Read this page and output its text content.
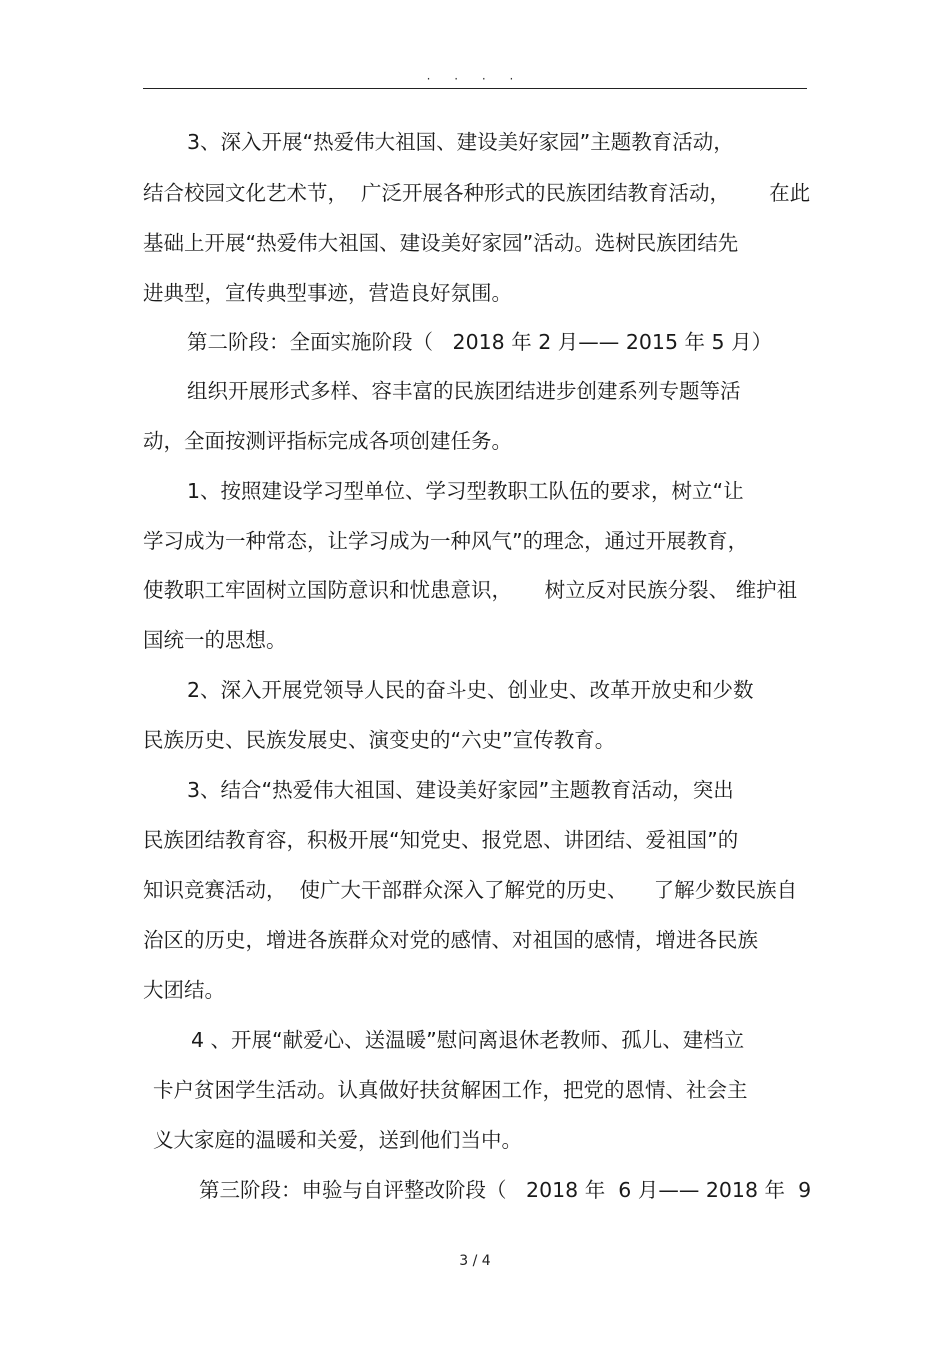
· · · ·
3、深入开展“热爱伟大祖国、建设美好家园”主题教育活动，
结合校园文化艺术节，  广泛开展各种形式的民族团结教育活动，      在此
基础上开展“热爱伟大祖国、建设美好家园”活动。选树民族团结先
进典型，宣传典型事迹，营造良好氛围。
第二阶段：全面实施阶段（   2018 年 2 月—— 2015 年 5 月）
组织开展形式多样、容丰富的民族团结进步创建系列专题等活
动，全面按测评指标完成各项创建任务。
1、按照建设学习型单位、学习型教职工队伍的要求，树立“让
学习成为一种常态，让学习成为一种风气”的理念，通过开展教育，
使教职工牢固树立国防意识和忧患意识，     树立反对民族分裂、 维护祖
国统一的思想。
2、深入开展党领导人民的奋斗史、创业史、改革开放史和少数
民族历史、民族发展史、演变史的“六史”宣传教育。
3、结合“热爱伟大祖国、建设美好家园”主题教育活动，突出
民族团结教育容，积极开展“知党史、报党恩、讲团结、爱祖国”的
知识竞赛活动，  使广大干部群众深入了解党的历史、    了解少数民族自
治区的历史，增进各族群众对党的感情、对祖国的感情，增进各民族
大团结。
4 、开展“献爱心、送温暖”慰问离退休老教师、孤儿、建档立
卡户贫困学生活动。认真做好扶贫解困工作，把党的恩情、社会主
义大家庭的温暖和关爱，送到他们当中。
第三阶段：申验与自评整改阶段（   2018 年  6 月—— 2018 年  9
3 / 4
